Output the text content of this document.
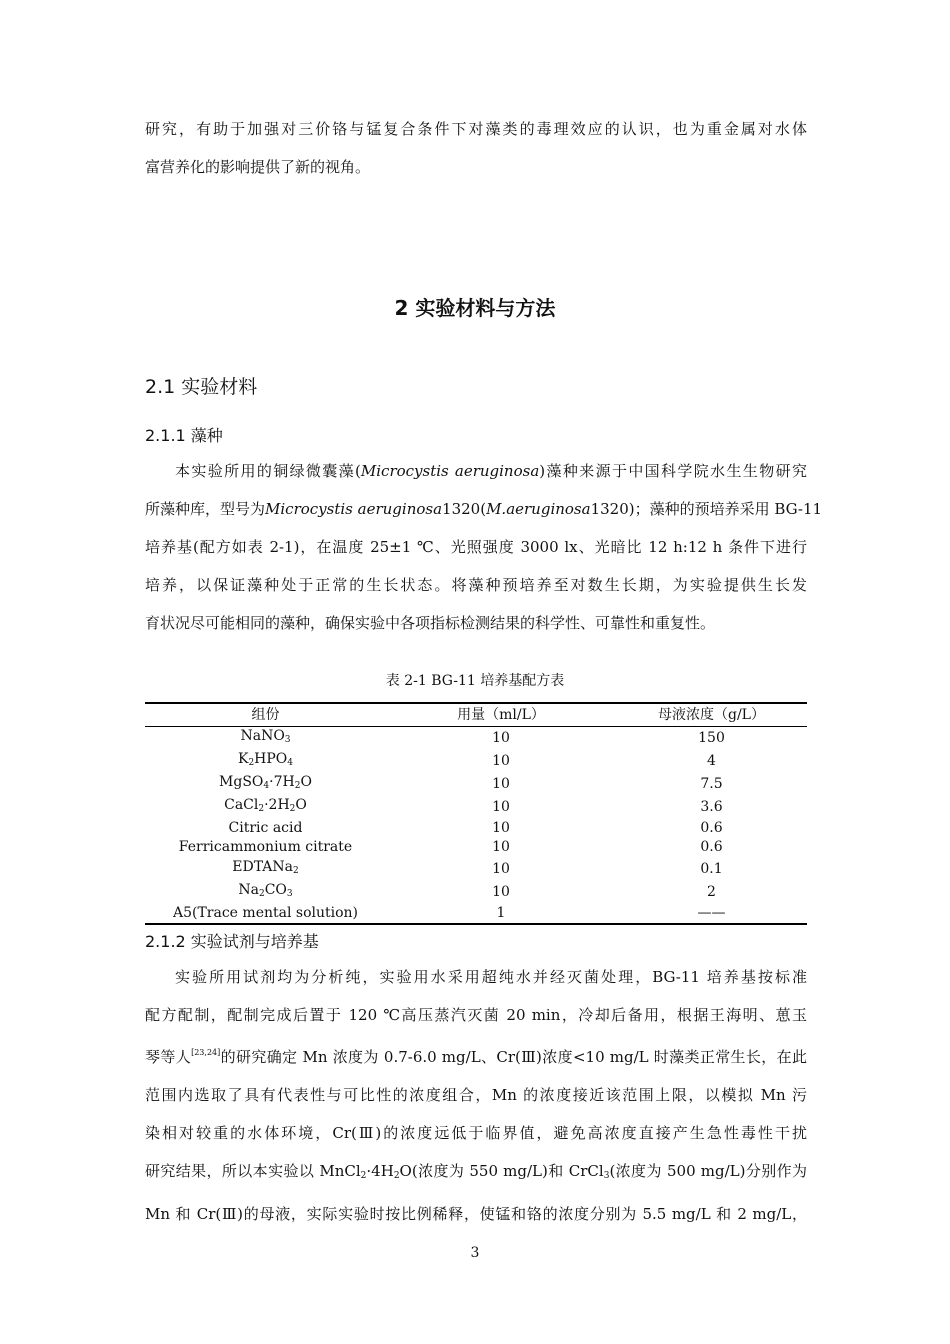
研究，有助于加强对三价铬与锰复合条件下对藻类的毒理效应的认识，也为重金属对水体
富营养化的影响提供了新的视角。
2 实验材料与方法
2.1 实验材料
2.1.1 藻种
本实验所用的铜绿微囊藻(Microcystis aeruginosa)藻种来源于中国科学院水生生物研究
所藻种库，型号为Microcystis aeruginosa1320(M.aeruginosa1320)；藻种的预培养采用 BG-11
培养基(配方如表 2-1)，在温度 25±1 ℃、光照强度 3000 lx、光暗比 12 h:12 h 条件下进行
培养，以保证藻种处于正常的生长状态。将藻种预培养至对数生长期，为实验提供生长发
育状况尽可能相同的藻种，确保实验中各项指标检测结果的科学性、可靠性和重复性。
表 2-1 BG-11 培养基配方表
组份	用量（ml/L）	母液浓度（g/L）
NaNO$_3$	10	150
$K_2HPO_4$	10	4
$MgSO_4\cdot 7H_2O$	10	7.5
$CaCl_2\cdot 2H_2O$	10	3.6
Citric acid	10	0.6
Ferricammonium citrate	10	0.6
EDTANa$_2$	10	0.1
$Na_2CO_3$	10	2
A5(Trace mental solution)	1	——
2.1.2 实验试剂与培养基
实验所用试剂均为分析纯，实验用水采用超纯水并经灭菌处理，BG-11 培养基按标准
配方配制，配制完成后置于 120 ℃高压蒸汽灭菌 20 min，冷却后备用，根据王海明、葸玉
琴等人[23,24]的研究确定 Mn 浓度为 0.7-6.0 mg/L、Cr(Ⅲ)浓度<10 mg/L 时藻类正常生长，在此
范围内选取了具有代表性与可比性的浓度组合，Mn 的浓度接近该范围上限，以模拟 Mn 污
染相对较重的水体环境，Cr(Ⅲ)的浓度远低于临界值，避免高浓度直接产生急性毒性干扰
研究结果，所以本实验以 $MnCl_2\cdot 4H_2O$(浓度为 550 mg/L)和 CrCl$_3$(浓度为 500 mg/L)分别作为
Mn 和 Cr(Ⅲ)的母液，实际实验时按比例稀释，使锰和铬的浓度分别为 5.5 mg/L 和 2 mg/L，
3
